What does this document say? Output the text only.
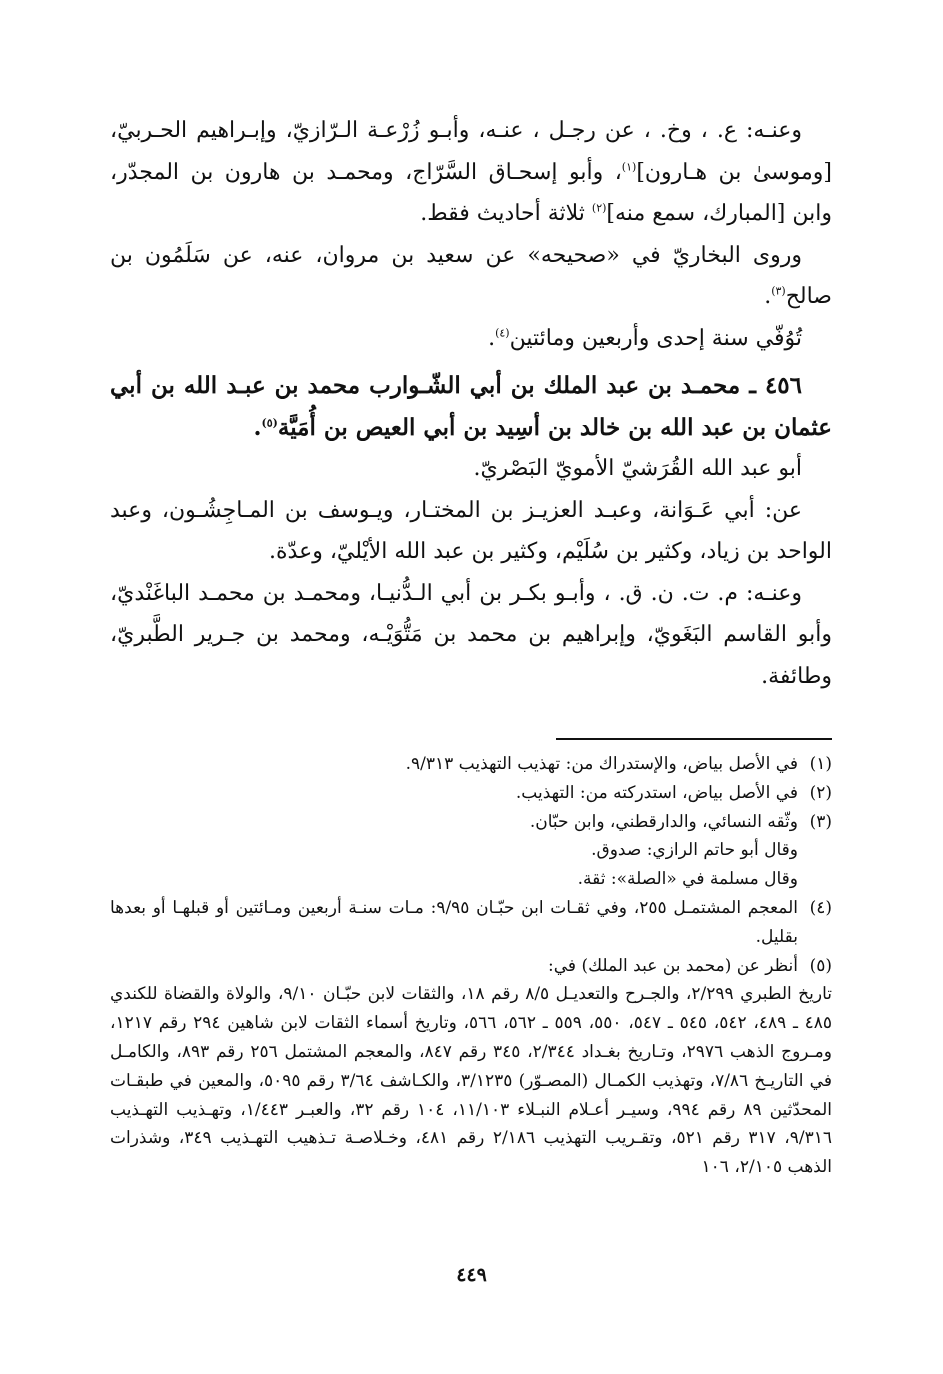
وعنـه: ع. ، وخ. ، عن رجـل ، عنـه، وأبـو زُرْعـة الـرّازيّ، وإبـراهيم الحـربيّ، [وموسىٰ بن هـارون]$^{(١)}$، وأبو إسحـاق السَّرّاج، ومحمـد بن هارون بن المجدّر، وابن [المبارك، سمع منه]$^{(٢)}$ ثلاثة أحاديث فقط.

وروى البخاريّ في «صحيحه» عن سعيد بن مروان، عنه، عن سَلَمُون بن صالح$^{(٣)}$.

تُوُفّي سنة إحدى وأربعين ومائتين$^{(٤)}$.

٤٥٦ ـ محمـد بن عبد الملك بن أبي الشّـوارب محمد بن عبـد الله بن أبي عثمان بن عبد الله بن خالد بن أسِيد بن أبي العيص بن أُمَيَّة$^{(٥)}$.

أبو عبد الله القُرَشيّ الأمويّ البَصْريّ.

عن: أبي عَـوَانة، وعبـد العزيـز بن المختـار، ويـوسف بن المـاجِشُـون، وعبد الواحد بن زياد، وكثير بن سُلَيْم، وكثير بن عبد الله الأيْليّ، وعدّة.

وعنـه: م. ت. ن. ق. ، وأبـو بكـر بن أبي الـدُّنيـا، ومحمـد بن محمـد الباغَنْديّ، وأبو القاسم البَغَويّ، وإبراهيم بن محمد بن مَتُّوَيْـه، ومحمد بن جـرير الطَّبريّ، وطائفة.

(١)
في الأصل بياض، والإستدراك من: تهذيب التهذيب ٩/٣١٣.
(٢)
في الأصل بياض، استدركته من: التهذيب.
(٣)
وثّقه النسائي، والدارقطني، وابن حبّان.
وقال أبو حاتم الرازي: صدوق.
وقال مسلمة في «الصلة»: ثقة.
(٤)
المعجم المشتمـل ٢٥٥، وفي ثقـات ابن حبّـان ٩/٩٥: مـات سنـة أربعين ومـائتين أو قبلهـا أو بعدها بقليل.
(٥)
أنظر عن (محمد بن عبد الملك) في:

تاريخ الطبري ٢/٢٩٩، والجـرح والتعديـل ٨/٥ رقم ١٨، والثقات لابن حبّـان ٩/١٠، والولاة والقضاة للكندي ٤٨٥ ـ ٤٨٩، ٥٤٢، ٥٤٥ ـ ٥٤٧، ٥٥٠، ٥٥٩ ـ ٥٦٢، ٥٦٦، وتاريخ أسماء الثقات لابن شاهين ٢٩٤ رقم ١٢١٧، ومـروج الذهب ٢٩٧٦، وتـاريخ بغـداد ٢/٣٤٤، ٣٤٥ رقم ٨٤٧، والمعجم المشتمل ٢٥٦ رقم ٨٩٣، والكامـل في التاريـخ ٧/٨٦، وتهذيب الكمـال (المصـوّر) ٣/١٢٣٥، والكـاشف ٣/٦٤ رقم ٥٠٩٥، والمعين في طبقـات المحدّثين ٨٩ رقم ٩٩٤، وسيـر أعـلام النبـلاء ١١/١٠٣، ١٠٤ رقم ٣٢، والعبـر ١/٤٤٣، وتهـذيب التهـذيب ٩/٣١٦، ٣١٧ رقم ٥٢١، وتقـريب التهذيب ٢/١٨٦ رقم ٤٨١، وخـلاصـة تـذهيب التهـذيب ٣٤٩، وشذرات الذهب ٢/١٠٥، ١٠٦

٤٤٩
